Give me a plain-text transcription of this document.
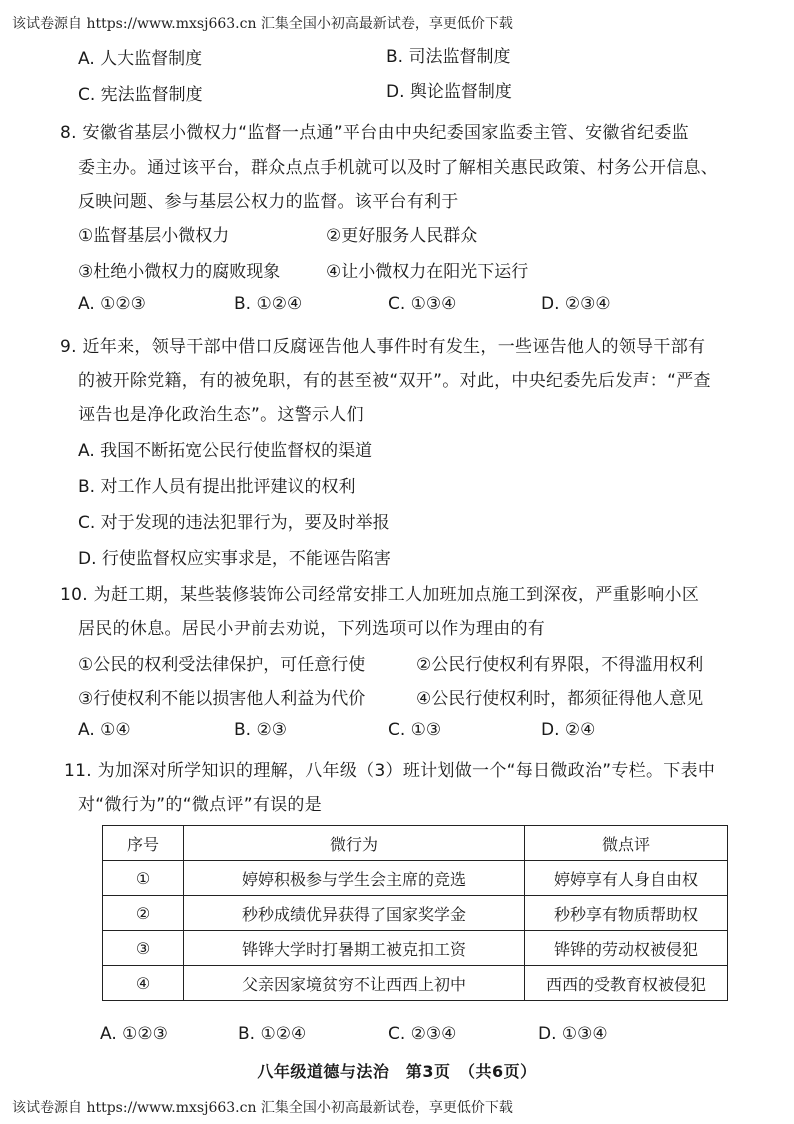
该试卷源自 https://www.mxsj663.cn 汇集全国小初高最新试卷，享更低价下载
A. 人大监督制度	B. 司法监督制度
C. 宪法监督制度	D. 舆论监督制度
8. 安徽省基层小微权力“监督一点通”平台由中央纪委国家监委主管、安徽省纪委监
委主办。通过该平台，群众点点手机就可以及时了解相关惠民政策、村务公开信息、
反映问题、参与基层公权力的监督。该平台有利于
①监督基层小微权力	②更好服务人民群众
③杜绝小微权力的腐败现象	④让小微权力在阳光下运行
A. ①②③	B. ①②④	C. ①③④	D. ②③④
9. 近年来，领导干部中借口反腐诬告他人事件时有发生，一些诬告他人的领导干部有
的被开除党籍，有的被免职，有的甚至被“双开”。对此，中央纪委先后发声：“严查
诬告也是净化政治生态”。这警示人们
A. 我国不断拓宽公民行使监督权的渠道
B. 对工作人员有提出批评建议的权利
C. 对于发现的违法犯罪行为，要及时举报
D. 行使监督权应实事求是，不能诬告陷害
10. 为赶工期，某些装修装饰公司经常安排工人加班加点施工到深夜，严重影响小区
居民的休息。居民小尹前去劝说，下列选项可以作为理由的有
①公民的权利受法律保护，可任意行使	②公民行使权利有界限，不得滥用权利
③行使权利不能以损害他人利益为代价	④公民行使权利时，都须征得他人意见
A. ①④	B. ②③	C. ①③	D. ②④
11. 为加深对所学知识的理解，八年级（3）班计划做一个“每日微政治”专栏。下表中
对“微行为”的“微点评”有误的是
序号	微行为	微点评
①	婷婷积极参与学生会主席的竞选	婷婷享有人身自由权
②	秒秒成绩优异获得了国家奖学金	秒秒享有物质帮助权
③	铧铧大学时打暑期工被克扣工资	铧铧的劳动权被侵犯
④	父亲因家境贫穷不让西西上初中	西西的受教育权被侵犯
A. ①②③	B. ①②④	C. ②③④	D. ①③④
八年级道德与法治　第3页　（共6页）
该试卷源自 https://www.mxsj663.cn 汇集全国小初高最新试卷，享更低价下载
